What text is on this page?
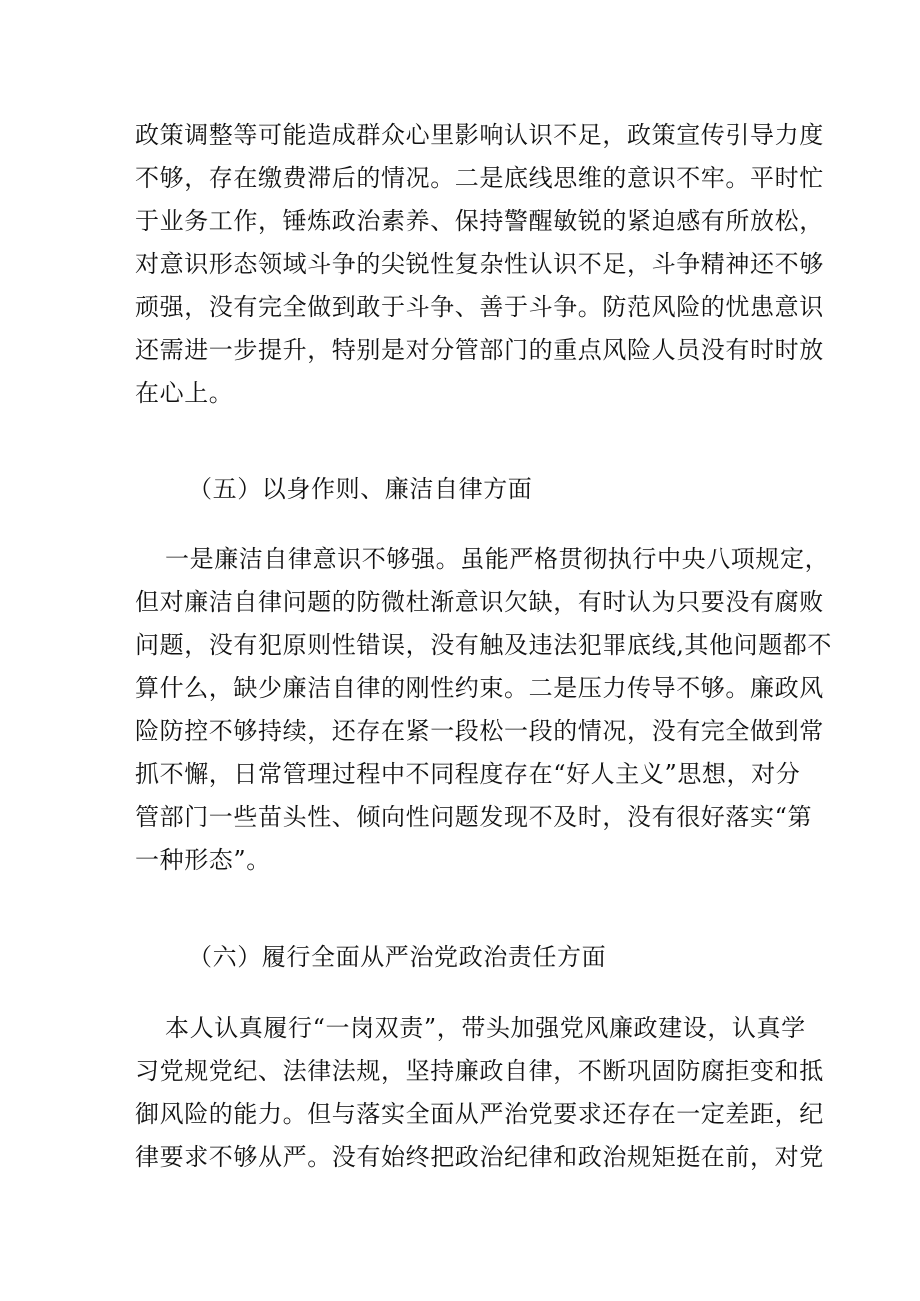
政策调整等可能造成群众心里影响认识不足，政策宣传引导力度
不够，存在缴费滞后的情况。二是底线思维的意识不牢。平时忙
于业务工作，锤炼政治素养、保持警醒敏锐的紧迫感有所放松，
对意识形态领域斗争的尖锐性复杂性认识不足，斗争精神还不够
顽强，没有完全做到敢于斗争、善于斗争。防范风险的忧患意识
还需进一步提升，特别是对分管部门的重点风险人员没有时时放
在心上。
（五）以身作则、廉洁自律方面
一是廉洁自律意识不够强。虽能严格贯彻执行中央八项规定，
但对廉洁自律问题的防微杜渐意识欠缺，有时认为只要没有腐败
问题，没有犯原则性错误，没有触及违法犯罪底线,其他问题都不
算什么，缺少廉洁自律的刚性约束。二是压力传导不够。廉政风
险防控不够持续，还存在紧一段松一段的情况，没有完全做到常
抓不懈，日常管理过程中不同程度存在“好人主义”思想，对分
管部门一些苗头性、倾向性问题发现不及时，没有很好落实“第
一种形态”。
（六）履行全面从严治党政治责任方面
本人认真履行“一岗双责”，带头加强党风廉政建设，认真学
习党规党纪、法律法规，坚持廉政自律，不断巩固防腐拒变和抵
御风险的能力。但与落实全面从严治党要求还存在一定差距，纪
律要求不够从严。没有始终把政治纪律和政治规矩挺在前，对党
